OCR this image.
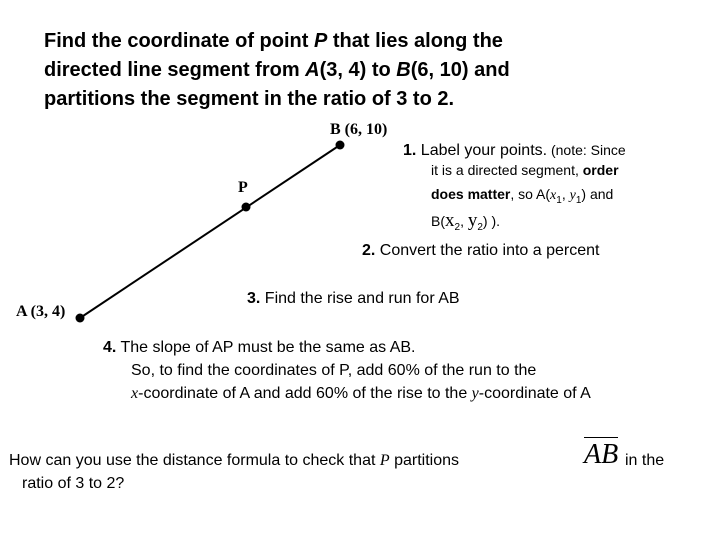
Find the coordinate of point P that lies along the
directed line segment from A(3, 4) to B(6, 10) and
partitions the segment in the ratio of 3 to 2.
B (6, 10)
P
A (3, 4)
1. Label your points. (note: Since
it is a directed segment, order
does matter, so $A(x_1$, $y_1$) and
$B(x_2$, $y_2$) ).
2. Convert the ratio into a percent
3. Find the rise and run for AB
4. The slope of AP must be the same as AB.
So, to find the coordinates of P, add 60% of the run to the
x-coordinate of A and add 60% of the rise to the y-coordinate of A
How can you use the distance formula to check that P partitions	AB in the
ratio of 3 to 2?
